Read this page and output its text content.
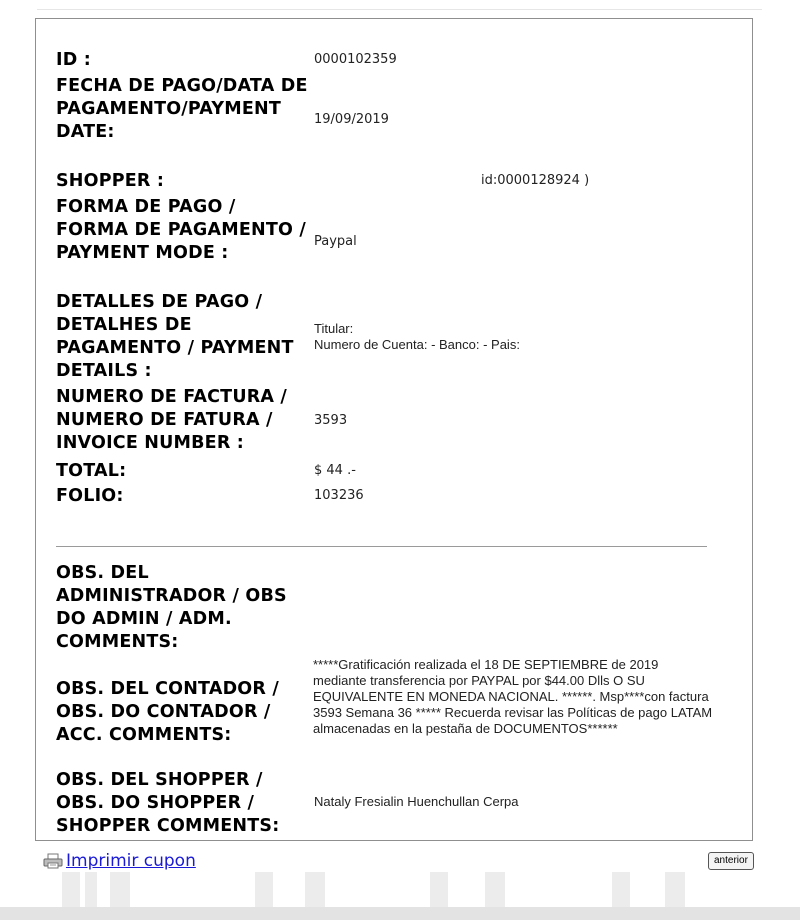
ID :	0000102359
FECHA DE PAGO/DATA DE PAGAMENTO/PAYMENT DATE:
19/09/2019
SHOPPER :	id:0000128924 )
FORMA DE PAGO / FORMA DE PAGAMENTO / PAYMENT MODE :
Paypal
DETALLES DE PAGO / DETALHES DE PAGAMENTO / PAYMENT DETAILS :
Titular:
Numero de Cuenta: - Banco: - Pais:
NUMERO DE FACTURA / NUMERO DE FATURA / INVOICE NUMBER :
3593
TOTAL:	$ 44 .-
FOLIO:	103236
OBS. DEL ADMINISTRADOR / OBS DO ADMIN / ADM. COMMENTS:
OBS. DEL CONTADOR / OBS. DO CONTADOR / ACC. COMMENTS:
*****Gratificación realizada el 18 DE SEPTIEMBRE de 2019 mediante transferencia por PAYPAL por $44.00 Dlls O SU EQUIVALENTE EN MONEDA NACIONAL. ******. Msp****con factura 3593 Semana 36 ***** Recuerda revisar las Políticas de pago LATAM almacenadas en la pestaña de DOCUMENTOS******
OBS. DEL SHOPPER / OBS. DO SHOPPER / SHOPPER COMMENTS:
Nataly Fresialin Huenchullan Cerpa
Imprimir cupon	anterior
